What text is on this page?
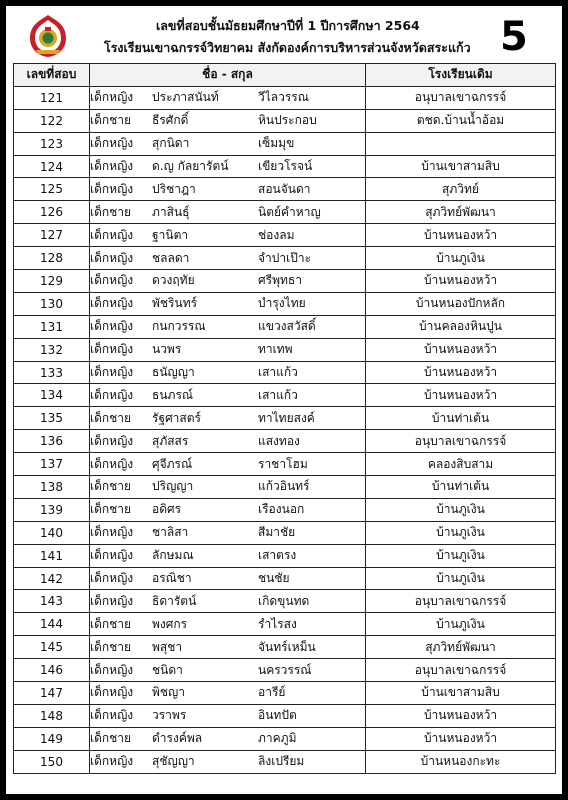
เลขที่สอบชั้นมัธยมศึกษาปีที่ 1 ปีการศึกษา 2564
โรงเรียนเขาฉกรรจ์วิทยาคม สังกัดองค์การบริหารส่วนจังหวัดสระแก้ว 5
เลขที่สอบ	ชื่อ - สกุล	โรงเรียนเดิม
121	เด็กหญิง ประภาสนันท์ วีไลวรรณ	อนุบาลเขาฉกรรจ์
122	เด็กชาย ธีรศักดิ์ หินประกอบ	ตชด.บ้านน้ำอ้อม
123	เด็กหญิง สุกนิดา เซ็มมุข	
124	เด็กหญิง ด.ญ กัลยารัตน์ เขียวโรจน์	บ้านเขาสามสิบ
125	เด็กหญิง ปริชาฎา สอนจันดา	สุภวิทย์
126	เด็กชาย ภาสินธุ์ นิตย์คำหาญ	สุภวิทย์พัฒนา
127	เด็กหญิง ฐานิตา ช่องลม	บ้านหนองหว้า
128	เด็กหญิง ชลลดา จำปาเป๊าะ	บ้านภูเงิน
129	เด็กหญิง ดวงฤทัย ศรีพุทธา	บ้านหนองหว้า
130	เด็กหญิง พัชรินทร์ บำรุงไทย	บ้านหนองปักหลัก
131	เด็กหญิง กนกวรรณ แขวงสวัสดิ์	บ้านคลองหินปูน
132	เด็กหญิง นวพร ทาเทพ	บ้านหนองหว้า
133	เด็กหญิง ธนัญญา เสาแก้ว	บ้านหนองหว้า
134	เด็กหญิง ธนภรณ์ เสาแก้ว	บ้านหนองหว้า
135	เด็กชาย รัฐศาสตร์ ทาไทยสงค์	บ้านท่าเต้น
136	เด็กหญิง สุภัสสร แสงทอง	อนุบาลเขาฉกรรจ์
137	เด็กหญิง ศุจีภรณ์ ราชาโฮม	คลองสิบสาม
138	เด็กชาย ปริญญา แก้วอินทร์	บ้านท่าเต้น
139	เด็กชาย อดิศร เรืองนอก	บ้านภูเงิน
140	เด็กหญิง ชาลิสา สีมาชัย	บ้านภูเงิน
141	เด็กหญิง ลักษมณ เสาตรง	บ้านภูเงิน
142	เด็กหญิง อรณิชา ชนชัย	บ้านภูเงิน
143	เด็กหญิง ธิดารัตน์ เกิดขุนทด	อนุบาลเขาฉกรรจ์
144	เด็กชาย พงศกร รำไรสง	บ้านภูเงิน
145	เด็กชาย พสุชา จันทร์เหม็น	สุภวิทย์พัฒนา
146	เด็กหญิง ชนิดา นครวรรณ์	อนุบาลเขาฉกรรจ์
147	เด็กหญิง พิชญา อารีย์	บ้านเขาสามสิบ
148	เด็กหญิง วราพร อินทปัต	บ้านหนองหว้า
149	เด็กชาย ดำรงค์พล ภาคภูมิ	บ้านหนองหว้า
150	เด็กหญิง สุชัญญา ลิงเปรียม	บ้านหนองกะทะ
